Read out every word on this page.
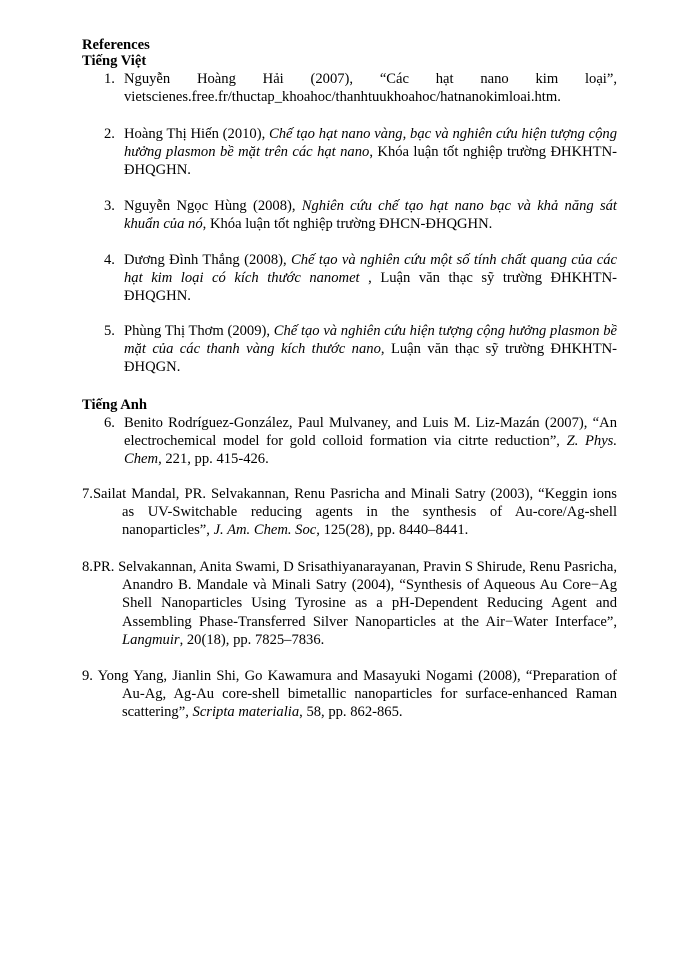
References
Tiếng Việt
1. Nguyễn Hoàng Hải (2007), “Các hạt nano kim loại”, vietscienes.free.fr/thuctap_khoahoc/thanhtuukhoahoc/hatnanokimloai.htm.
2. Hoàng Thị Hiến (2010), Chế tạo hạt nano vàng, bạc và nghiên cứu hiện tượng cộng hưởng plasmon bề mặt trên các hạt nano, Khóa luận tốt nghiệp trường ĐHKHTN-ĐHQGHN.
3. Nguyễn Ngọc Hùng (2008), Nghiên cứu chế tạo hạt nano bạc và khả năng sát khuẩn của nó, Khóa luận tốt nghiệp trường ĐHCN-ĐHQGHN.
4. Dương Đình Thắng (2008), Chế tạo và nghiên cứu một số tính chất quang của các hạt kim loại có kích thước nanomet , Luận văn thạc sỹ trường ĐHKHTN-ĐHQGHN.
5. Phùng Thị Thơm (2009), Chế tạo và nghiên cứu hiện tượng cộng hưởng plasmon bề mặt của các thanh vàng kích thước nano, Luận văn thạc sỹ trường ĐHKHTN-ĐHQGN.
Tiếng Anh
6. Benito Rodríguez-González, Paul Mulvaney, and Luis M. Liz-Mazán (2007), “An electrochemical model for gold colloid formation via citrte reduction”, Z. Phys. Chem, 221, pp. 415-426.
7.Sailat Mandal, PR. Selvakannan, Renu Pasricha and Minali Satry (2003), “Keggin ions as UV-Switchable reducing agents in the synthesis of Au-core/Ag-shell nanoparticles”, J. Am. Chem. Soc, 125(28), pp. 8440–8441.
8.PR. Selvakannan, Anita Swami, D Srisathiyanarayanan, Pravin S Shirude, Renu Pasricha, Anandro B. Mandale và Minali Satry (2004), “Synthesis of Aqueous Au Core−Ag Shell Nanoparticles Using Tyrosine as a pH-Dependent Reducing Agent and Assembling Phase-Transferred Silver Nanoparticles at the Air−Water Interface”, Langmuir, 20(18), pp. 7825–7836.
9. Yong Yang, Jianlin Shi, Go Kawamura and Masayuki Nogami (2008), “Preparation of Au-Ag, Ag-Au core-shell bimetallic nanoparticles for surface-enhanced Raman scattering”, Scripta materialia, 58, pp. 862-865.
